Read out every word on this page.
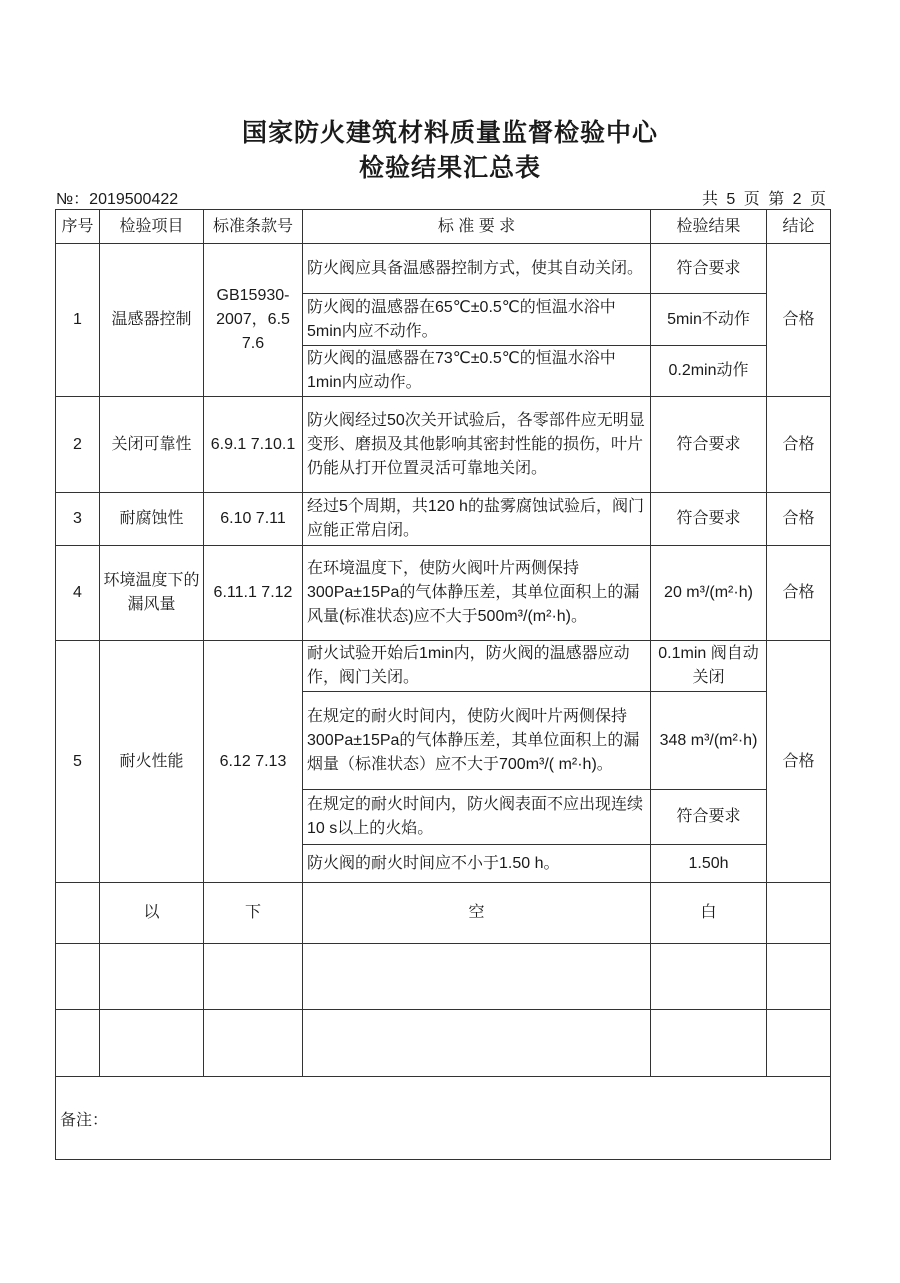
国家防火建筑材料质量监督检验中心
检验结果汇总表
№：2019500422	共 5 页 第 2 页
序号	检验项目	标准条款号	标 准 要 求	检验结果	结论
1	温感器控制	GB15930-2007，6.5 7.6	防火阀应具备温感器控制方式，使其自动关闭。	符合要求	合格
			防火阀的温感器在65℃±0.5℃的恒温水浴中5min内应不动作。	5min不动作	
			防火阀的温感器在73℃±0.5℃的恒温水浴中1min内应动作。	0.2min动作	
2	关闭可靠性	6.9.1 7.10.1	防火阀经过50次关开试验后，各零部件应无明显变形、磨损及其他影响其密封性能的损伤，叶片仍能从打开位置灵活可靠地关闭。	符合要求	合格
3	耐腐蚀性	6.10 7.11	经过5个周期，共120 h的盐雾腐蚀试验后，阀门应能正常启闭。	符合要求	合格
4	环境温度下的漏风量	6.11.1 7.12	在环境温度下，使防火阀叶片两侧保持300Pa±15Pa的气体静压差，其单位面积上的漏风量(标准状态)应不大于500m³/(m²·h)。	20 m³/(m²·h)	合格
5	耐火性能	6.12 7.13	耐火试验开始后1min内，防火阀的温感器应动作，阀门关闭。	0.1min 阀自动关闭	合格
			在规定的耐火时间内，使防火阀叶片两侧保持300Pa±15Pa的气体静压差，其单位面积上的漏烟量（标准状态）应不大于700m³/( m²·h)。	348 m³/(m²·h)	
			在规定的耐火时间内，防火阀表面不应出现连续10 s以上的火焰。	符合要求	
			防火阀的耐火时间应不小于1.50 h。	1.50h	
	以	下	空	白	

备注：					
